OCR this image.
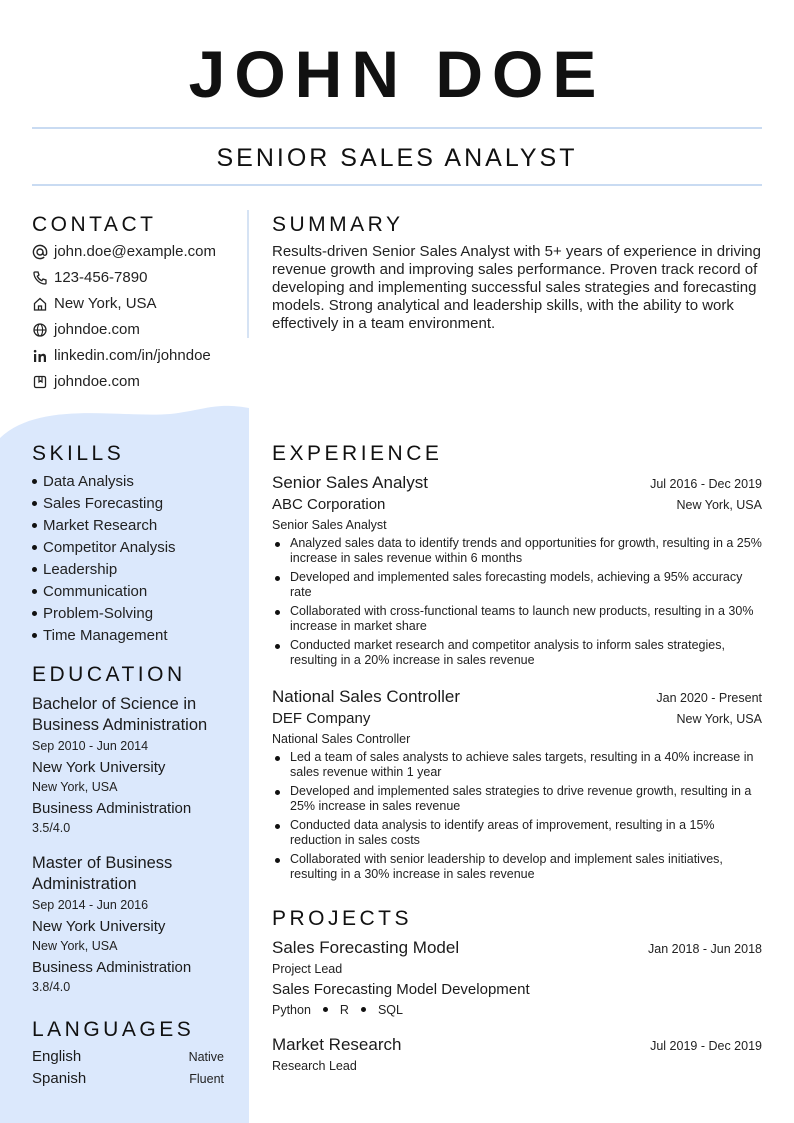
JOHN DOE
SENIOR SALES ANALYST
CONTACT
john.doe@example.com
123-456-7890
New York, USA
johndoe.com
linkedin.com/in/johndoe
johndoe.com
SKILLS
Data Analysis
Sales Forecasting
Market Research
Competitor Analysis
Leadership
Communication
Problem-Solving
Time Management
EDUCATION
Bachelor of Science in Business Administration
Sep 2010 - Jun 2014
New York University
New York, USA
Business Administration
3.5/4.0
Master of Business Administration
Sep 2014 - Jun 2016
New York University
New York, USA
Business Administration
3.8/4.0
LANGUAGES
English	Native
Spanish	Fluent
SUMMARY
Results-driven Senior Sales Analyst with 5+ years of experience in driving revenue growth and improving sales performance. Proven track record of developing and implementing successful sales strategies and forecasting models. Strong analytical and leadership skills, with the ability to work effectively in a team environment.
EXPERIENCE
Senior Sales Analyst	Jul 2016 - Dec 2019
ABC Corporation	New York, USA
Senior Sales Analyst
Analyzed sales data to identify trends and opportunities for growth, resulting in a 25% increase in sales revenue within 6 months
Developed and implemented sales forecasting models, achieving a 95% accuracy rate
Collaborated with cross-functional teams to launch new products, resulting in a 30% increase in market share
Conducted market research and competitor analysis to inform sales strategies, resulting in a 20% increase in sales revenue
National Sales Controller	Jan 2020 - Present
DEF Company	New York, USA
National Sales Controller
Led a team of sales analysts to achieve sales targets, resulting in a 40% increase in sales revenue within 1 year
Developed and implemented sales strategies to drive revenue growth, resulting in a 25% increase in sales revenue
Conducted data analysis to identify areas of improvement, resulting in a 15% reduction in sales costs
Collaborated with senior leadership to develop and implement sales initiatives, resulting in a 30% increase in sales revenue
PROJECTS
Sales Forecasting Model	Jan 2018 - Jun 2018
Project Lead
Sales Forecasting Model Development
Python R SQL
Market Research	Jul 2019 - Dec 2019
Research Lead
